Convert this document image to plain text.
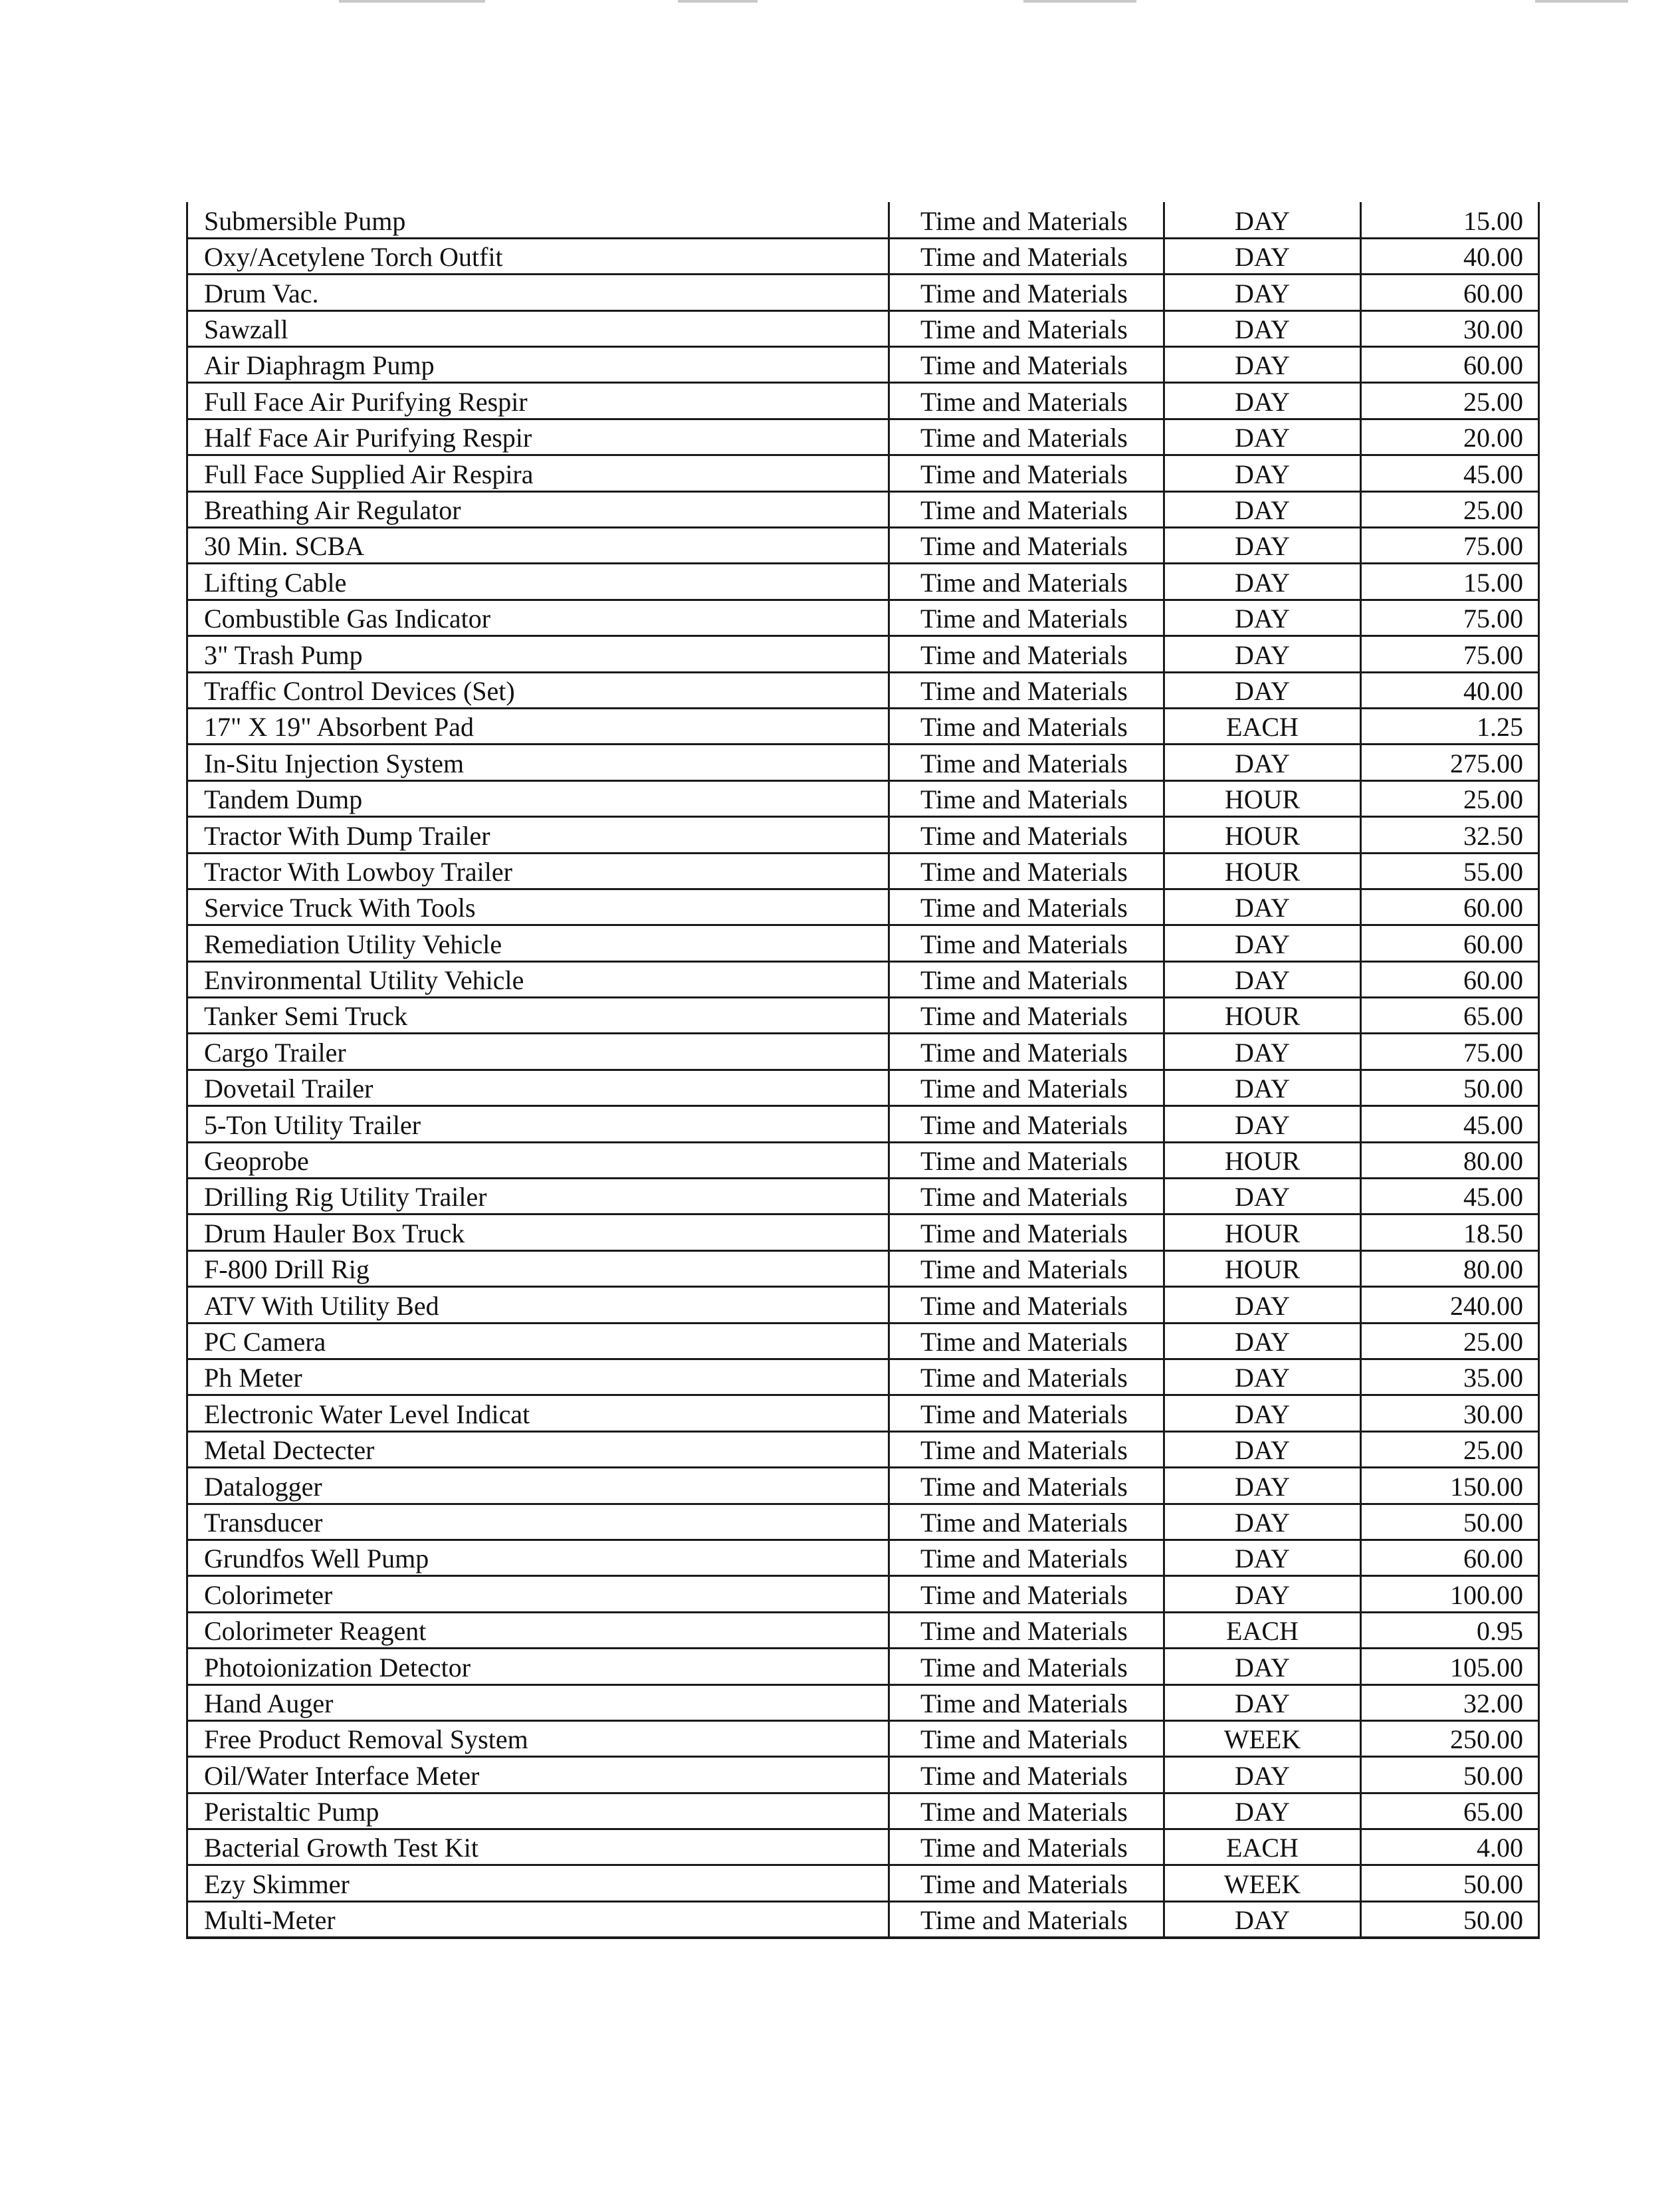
Submersible Pump	Time and Materials	DAY	15.00
Oxy/Acetylene Torch Outfit	Time and Materials	DAY	40.00
Drum Vac.	Time and Materials	DAY	60.00
Sawzall	Time and Materials	DAY	30.00
Air Diaphragm Pump	Time and Materials	DAY	60.00
Full Face Air Purifying Respir	Time and Materials	DAY	25.00
Half Face Air Purifying Respir	Time and Materials	DAY	20.00
Full Face Supplied Air Respira	Time and Materials	DAY	45.00
Breathing Air Regulator	Time and Materials	DAY	25.00
30 Min. SCBA	Time and Materials	DAY	75.00
Lifting Cable	Time and Materials	DAY	15.00
Combustible Gas Indicator	Time and Materials	DAY	75.00
3" Trash Pump	Time and Materials	DAY	75.00
Traffic Control Devices (Set)	Time and Materials	DAY	40.00
17" X 19" Absorbent Pad	Time and Materials	EACH	1.25
In-Situ Injection System	Time and Materials	DAY	275.00
Tandem Dump	Time and Materials	HOUR	25.00
Tractor With Dump Trailer	Time and Materials	HOUR	32.50
Tractor With Lowboy Trailer	Time and Materials	HOUR	55.00
Service Truck With Tools	Time and Materials	DAY	60.00
Remediation Utility Vehicle	Time and Materials	DAY	60.00
Environmental Utility Vehicle	Time and Materials	DAY	60.00
Tanker Semi Truck	Time and Materials	HOUR	65.00
Cargo Trailer	Time and Materials	DAY	75.00
Dovetail Trailer	Time and Materials	DAY	50.00
5-Ton Utility Trailer	Time and Materials	DAY	45.00
Geoprobe	Time and Materials	HOUR	80.00
Drilling Rig Utility Trailer	Time and Materials	DAY	45.00
Drum Hauler Box Truck	Time and Materials	HOUR	18.50
F-800 Drill Rig	Time and Materials	HOUR	80.00
ATV With Utility Bed	Time and Materials	DAY	240.00
PC Camera	Time and Materials	DAY	25.00
Ph Meter	Time and Materials	DAY	35.00
Electronic Water Level Indicat	Time and Materials	DAY	30.00
Metal Dectecter	Time and Materials	DAY	25.00
Datalogger	Time and Materials	DAY	150.00
Transducer	Time and Materials	DAY	50.00
Grundfos Well Pump	Time and Materials	DAY	60.00
Colorimeter	Time and Materials	DAY	100.00
Colorimeter Reagent	Time and Materials	EACH	0.95
Photoionization Detector	Time and Materials	DAY	105.00
Hand Auger	Time and Materials	DAY	32.00
Free Product Removal System	Time and Materials	WEEK	250.00
Oil/Water Interface Meter	Time and Materials	DAY	50.00
Peristaltic Pump	Time and Materials	DAY	65.00
Bacterial Growth Test Kit	Time and Materials	EACH	4.00
Ezy Skimmer	Time and Materials	WEEK	50.00
Multi-Meter	Time and Materials	DAY	50.00
